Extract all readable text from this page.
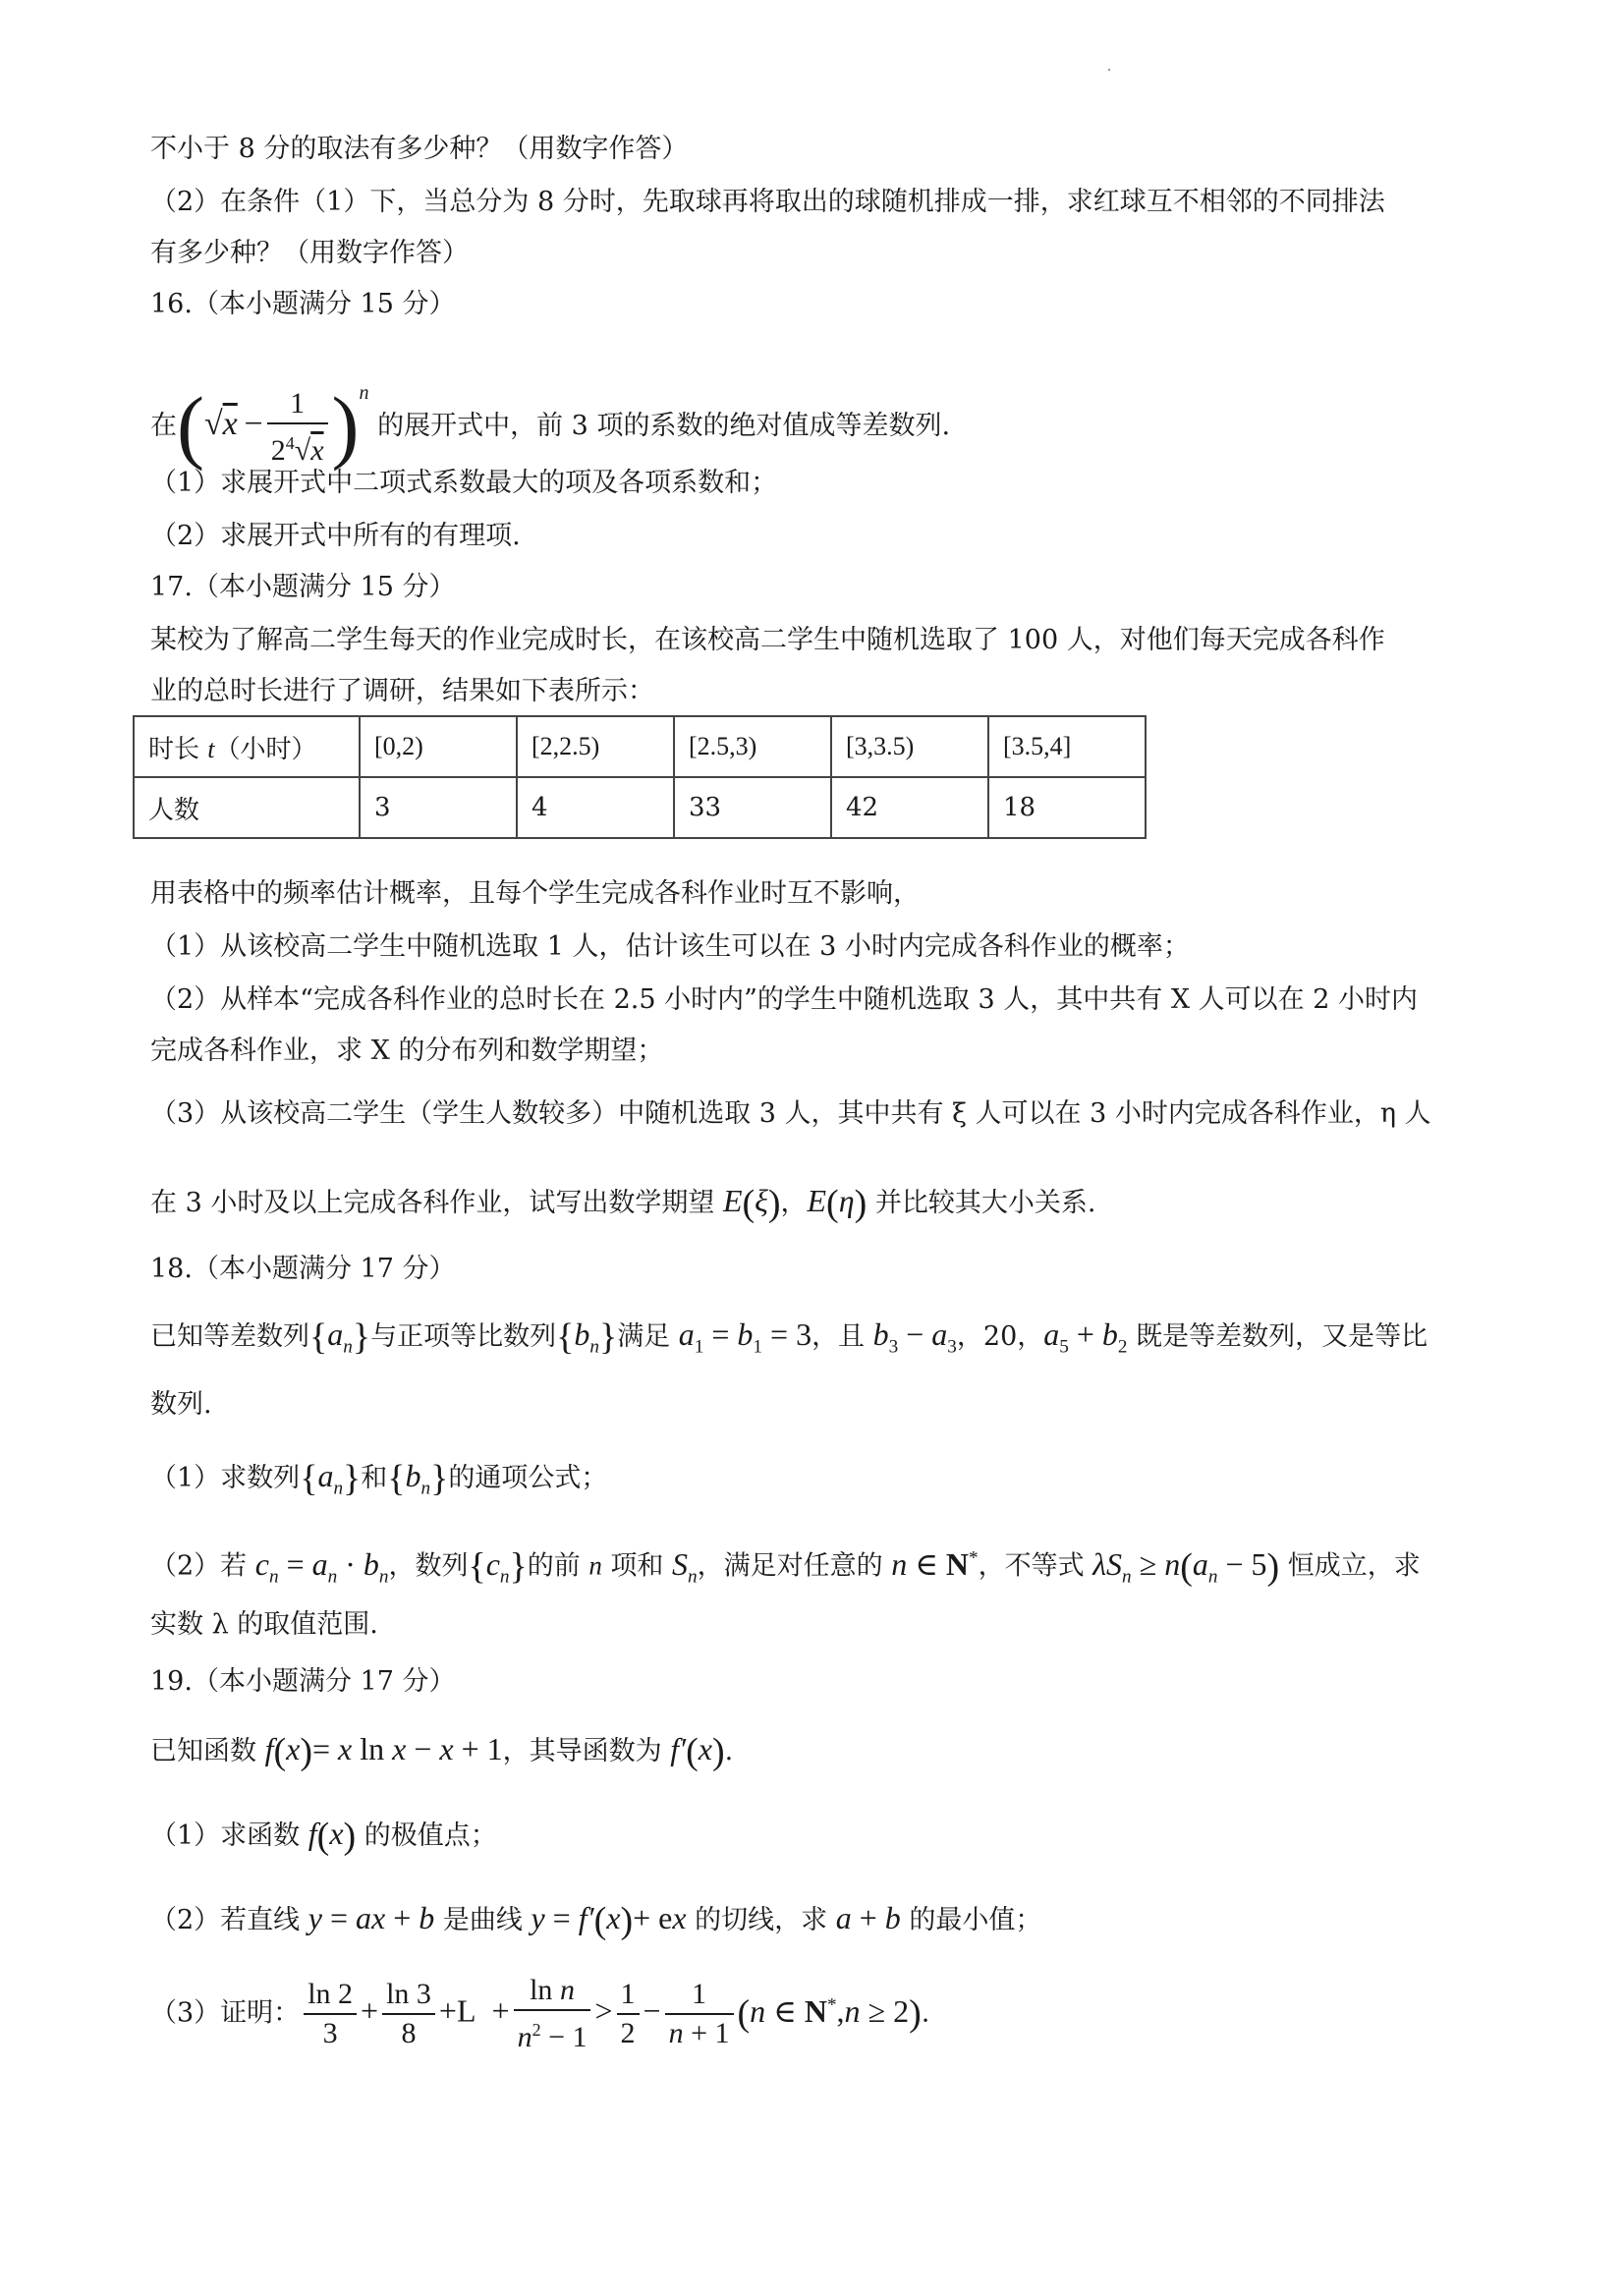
不小于 8 分的取法有多少种？（用数字作答）
（2）在条件（1）下，当总分为 8 分时，先取球再将取出的球随机排成一排，求红球互不相邻的不同排法
有多少种？（用数字作答）
16.（本小题满分 15 分）
在$(√x - \frac{1}{2^4√x} )^n$ 的展开式中，前 3 项的系数的绝对值成等差数列.
（1）求展开式中二项式系数最大的项及各项系数和；
（2）求展开式中所有的有理项.
17.（本小题满分 15 分）
某校为了解高二学生每天的作业完成时长，在该校高二学生中随机选取了 100 人，对他们每天完成各科作
业的总时长进行了调研，结果如下表所示：
时长 t（小时）	[0,2)	[2,2.5)	[2.5,3)	[3,3.5)	[3.5,4]
人数	3	4	33	42	18
用表格中的频率估计概率，且每个学生完成各科作业时互不影响，
（1）从该校高二学生中随机选取 1 人，估计该生可以在 3 小时内完成各科作业的概率；
（2）从样本“完成各科作业的总时长在 2.5 小时内”的学生中随机选取 3 人，其中共有 X 人可以在 2 小时内
完成各科作业，求 X 的分布列和数学期望；
（3）从该校高二学生（学生人数较多）中随机选取 3 人，其中共有 ξ 人可以在 3 小时内完成各科作业，η 人
在 3 小时及以上完成各科作业，试写出数学期望 E(ξ)，E(η) 并比较其大小关系.
18.（本小题满分 17 分）
已知等差数列$\{a_n\}$与正项等比数列$\{b_n\}$满足 $a_1 = b_1 = 3$，且 $b_3 - a_3$，20，$a_5 + b_2$ 既是等差数列，又是等比
数列.
（1）求数列$\{a_n\}$和$\{b_n\}$的通项公式；
（2）若 $c_n = a_n \cdot b_n$，数列$\{c_n\}$的前 n 项和 $S_n$，满足对任意的 n ∈ N*，不等式 $\lambda S_n \ge n(a_n - 5)$ 恒成立，求
实数 λ 的取值范围.
19.（本小题满分 17 分）
已知函数 f(x)= x ln x − x + 1，其导函数为 f′(x).
（1）求函数 f(x) 的极值点；
（2）若直线 y = ax + b 是曲线 y = f′(x)+ ex 的切线，求 a + b 的最小值；
（3）证明： $\frac{\ln 2}{3} + \frac{\ln 3}{8} +L + \frac{\text{ln n}}{n^2 - 1} > \frac{1}{2} - \frac{1}{n + 1} (n$ ∈ N*,n ≥ 2).
